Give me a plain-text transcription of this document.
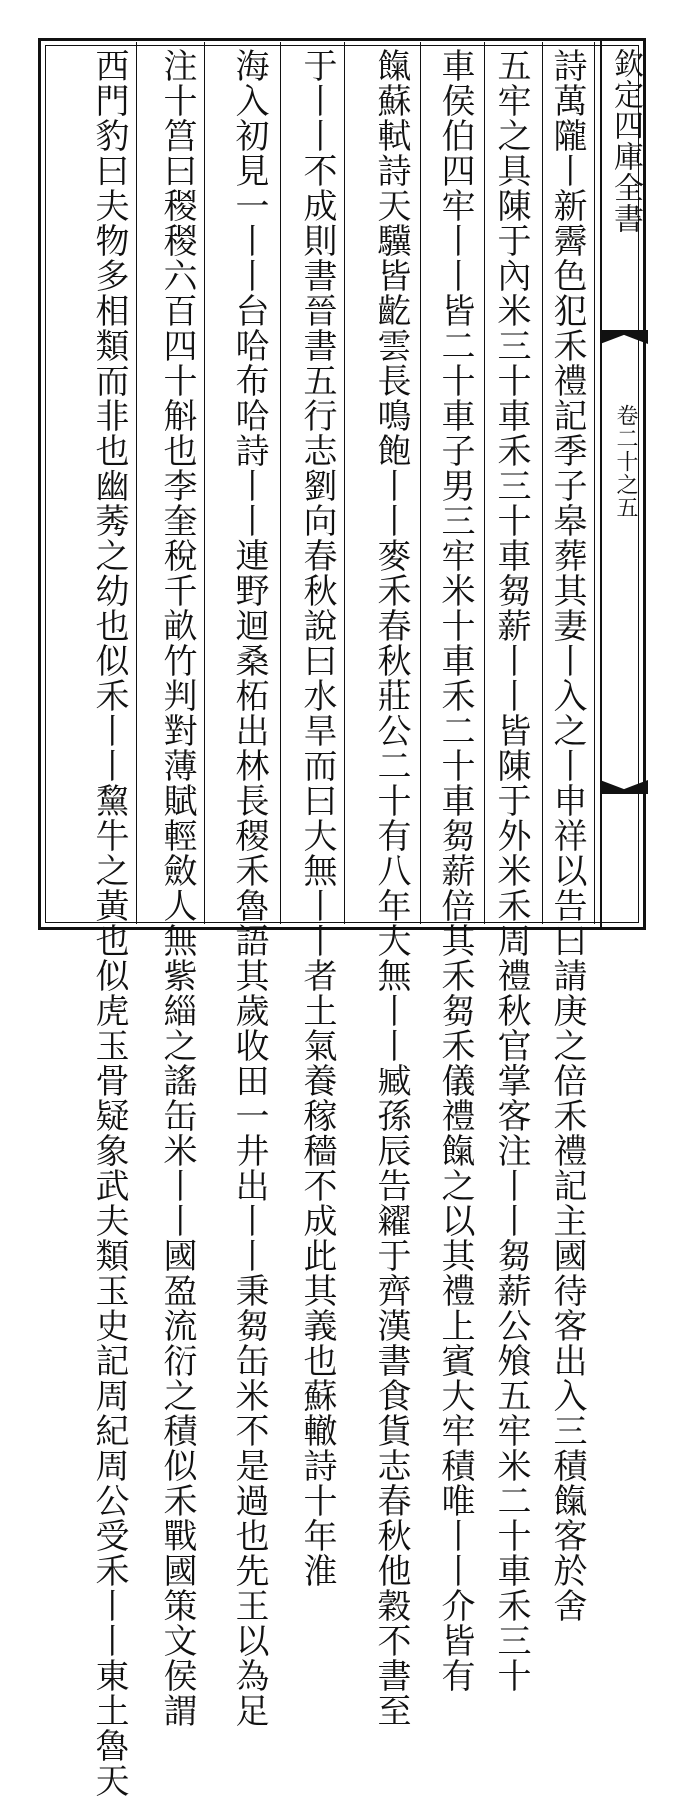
欽定四庫全書
卷二十之五
詩萬隴丨新霽色犯禾禮記季子皋葬其妻丨入之丨申祥以告曰請庚之倍禾禮記主國待客出入三積餼客於舍
五牢之具陳于內米三十車禾三十車芻薪丨丨皆陳于外米禾周禮秋官掌客注丨丨芻薪公飧五牢米二十車禾三十
車侯伯四牢丨丨皆二十車子男三牢米十車禾二十車芻薪倍其禾芻禾儀禮餼之以其禮上賓大牢積唯丨丨介皆有
餼蘇軾詩天驥皆齕雲長鳴飽丨丨麥禾春秋莊公二十有八年大無丨丨臧孫辰告糴于齊漢書食貨志春秋他穀不書至
于丨丨不成則書晉書五行志劉向春秋說曰水旱而曰大無丨丨者土氣養稼穡不成此其義也蘇轍詩十年淮
海入初見一丨丨台哈布哈詩丨丨連野迴桑柘出林長稷禾魯語其歲收田一井出丨丨秉芻缶米不是過也先王以為足
注十筥曰稯稯六百四十斛也李奎稅千畝竹判對薄賦輕斂人無紫緇之謠缶米丨丨國盈流衍之積似禾戰國策文侯謂
西門豹曰夫物多相類而非也幽莠之幼也似禾丨丨黧牛之黃也似虎玉骨疑象武夫類玉史記周紀周公受禾丨丨東土魯天
